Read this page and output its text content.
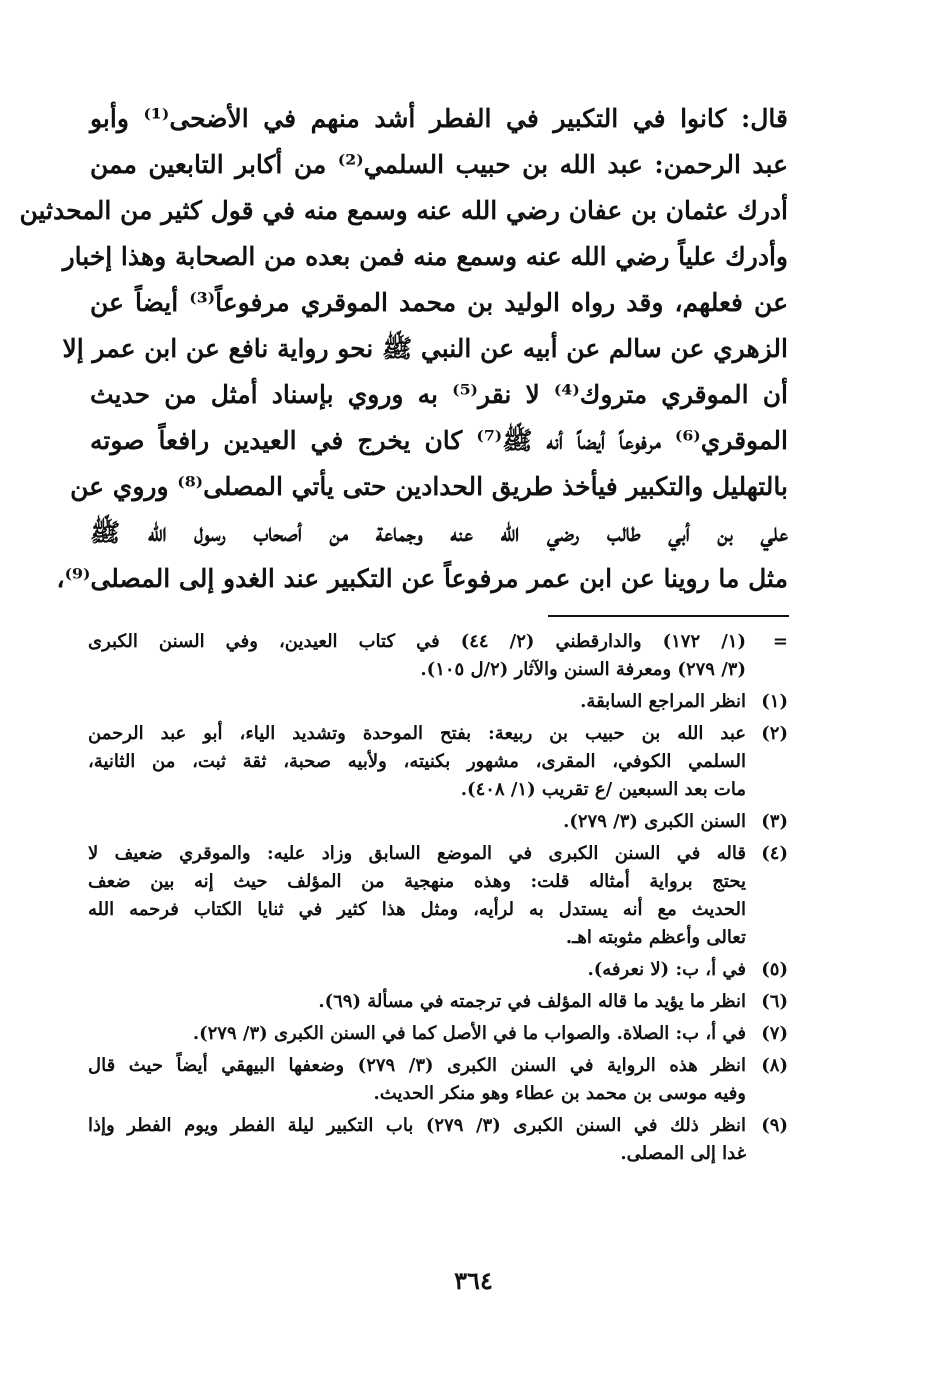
قال: كانوا في التكبير في الفطر أشد منهم في الأضحى⁽¹⁾ وأبو
عبد الرحمن: عبد الله بن حبيب السلمي⁽²⁾ من أكابر التابعين ممن
أدرك عثمان بن عفان رضي الله عنه وسمع منه في قول كثير من المحدثين
وأدرك علياً رضي الله عنه وسمع منه فمن بعده من الصحابة وهذا إخبار
عن فعلهم، وقد رواه الوليد بن محمد الموقري مرفوعاً⁽³⁾ أيضاً عن
الزهري عن سالم عن أبيه عن النبي ﷺ نحو رواية نافع عن ابن عمر إلا
أن الموقري متروك⁽⁴⁾ لا نقر⁽⁵⁾ به وروي بإسناد أمثل من حديث
الموقري⁽⁶⁾ مرفوعاً أيضاً أنه ﷺ⁽⁷⁾ كان يخرج في العيدين رافعاً صوته
بالتهليل والتكبير فيأخذ طريق الحدادين حتى يأتي المصلى⁽⁸⁾ وروي عن
علي بن أبي طالب رضي الله عنه وجماعة من أصحاب رسول الله ﷺ
مثل ما روينا عن ابن عمر مرفوعاً عن التكبير عند الغدو إلى المصلى⁽⁹⁾،
=
(١/ ١٧٢) والدارقطني (٢/ ٤٤) في كتاب العيدين، وفي السنن الكبرى
(٣/ ٢٧٩) ومعرفة السنن والآثار (٢/ل ١٠٥).
(١)
انظر المراجع السابقة.
(٢)
عبد الله بن حبيب بن ربيعة: بفتح الموحدة وتشديد الياء، أبو عبد الرحمن
السلمي الكوفي، المقرى، مشهور بكنيته، ولأبيه صحبة، ثقة ثبت، من الثانية،
مات بعد السبعين /ع تقريب (١/ ٤٠٨).
(٣)
السنن الكبرى (٣/ ٢٧٩).
(٤)
قاله في السنن الكبرى في الموضع السابق وزاد عليه: والموقري ضعيف لا
يحتج برواية أمثاله قلت: وهذه منهجية من المؤلف حيث إنه بين ضعف
الحديث مع أنه يستدل به لرأيه، ومثل هذا كثير في ثنايا الكتاب فرحمه الله
تعالى وأعظم مثوبته اهـ.
(٥)
في أ، ب: (لا نعرفه).
(٦)
انظر ما يؤيد ما قاله المؤلف في ترجمته في مسألة (٦٩).
(٧)
في أ، ب: الصلاة. والصواب ما في الأصل كما في السنن الكبرى (٣/ ٢٧٩).
(٨)
انظر هذه الرواية في السنن الكبرى (٣/ ٢٧٩) وضعفها البيهقي أيضاً حيث قال
وفيه موسى بن محمد بن عطاء وهو منكر الحديث.
(٩)
انظر ذلك في السنن الكبرى (٣/ ٢٧٩) باب التكبير ليلة الفطر ويوم الفطر وإذا
غدا إلى المصلى.
٣٦٤
